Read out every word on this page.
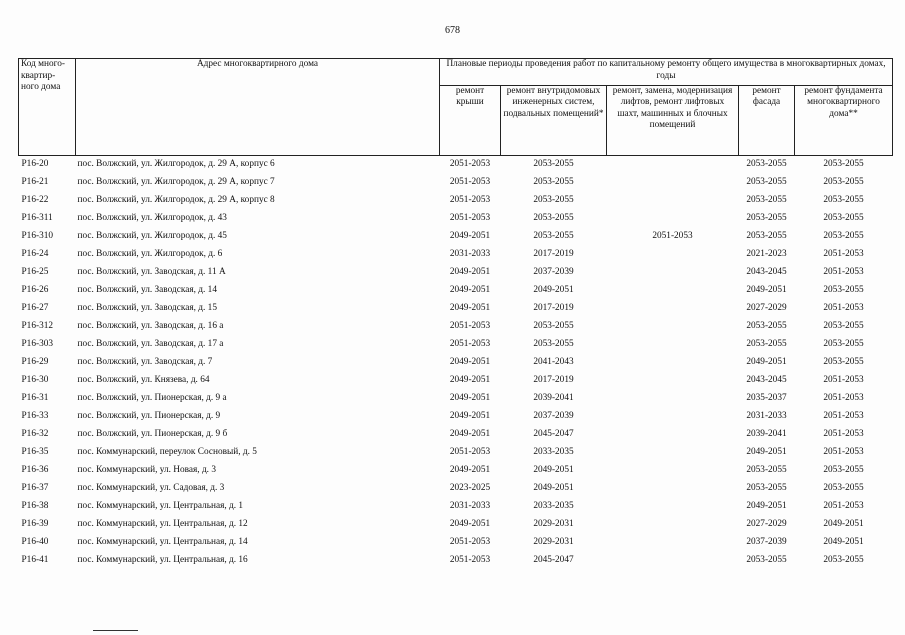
678
Код много-квартир-ного дома	Адрес многоквартирного дома	Плановые периоды проведения работ по капитальному ремонту общего имущества в многоквартирных домах, годы				
		ремонт крыши	ремонт внутридомовых инженерных систем, подвальных помещений*	ремонт, замена, модернизация лифтов, ремонт лифтовых шахт, машинных и блочных помещений	ремонт фасада	ремонт фундамента многоквартирного дома**
P16-20	пос. Волжский, ул. Жилгородок, д. 29 А, корпус 6	2051-2053	2053-2055		2053-2055	2053-2055
P16-21	пос. Волжский, ул. Жилгородок, д. 29 А, корпус 7	2051-2053	2053-2055		2053-2055	2053-2055
P16-22	пос. Волжский, ул. Жилгородок, д. 29 А, корпус 8	2051-2053	2053-2055		2053-2055	2053-2055
P16-311	пос. Волжский, ул. Жилгородок, д. 43	2051-2053	2053-2055		2053-2055	2053-2055
P16-310	пос. Волжский, ул. Жилгородок, д. 45	2049-2051	2053-2055	2051-2053	2053-2055	2053-2055
P16-24	пос. Волжский, ул. Жилгородок, д. 6	2031-2033	2017-2019		2021-2023	2051-2053
P16-25	пос. Волжский, ул. Заводская, д. 11 А	2049-2051	2037-2039		2043-2045	2051-2053
P16-26	пос. Волжский, ул. Заводская, д. 14	2049-2051	2049-2051		2049-2051	2053-2055
P16-27	пос. Волжский, ул. Заводская, д. 15	2049-2051	2017-2019		2027-2029	2051-2053
P16-312	пос. Волжский, ул. Заводская, д. 16 а	2051-2053	2053-2055		2053-2055	2053-2055
P16-303	пос. Волжский, ул. Заводская, д. 17 а	2051-2053	2053-2055		2053-2055	2053-2055
P16-29	пос. Волжский, ул. Заводская, д. 7	2049-2051	2041-2043		2049-2051	2053-2055
P16-30	пос. Волжский, ул. Князева, д. 64	2049-2051	2017-2019		2043-2045	2051-2053
P16-31	пос. Волжский, ул. Пионерская, д. 9 а	2049-2051	2039-2041		2035-2037	2051-2053
P16-33	пос. Волжский, ул. Пионерская, д. 9	2049-2051	2037-2039		2031-2033	2051-2053
P16-32	пос. Волжский, ул. Пионерская, д. 9 б	2049-2051	2045-2047		2039-2041	2051-2053
P16-35	пос. Коммунарский, переулок Сосновый, д. 5	2051-2053	2033-2035		2049-2051	2051-2053
P16-36	пос. Коммунарский, ул. Новая, д. 3	2049-2051	2049-2051		2053-2055	2053-2055
P16-37	пос. Коммунарский, ул. Садовая, д. 3	2023-2025	2049-2051		2053-2055	2053-2055
P16-38	пос. Коммунарский, ул. Центральная, д. 1	2031-2033	2033-2035		2049-2051	2051-2053
P16-39	пос. Коммунарский, ул. Центральная, д. 12	2049-2051	2029-2031		2027-2029	2049-2051
P16-40	пос. Коммунарский, ул. Центральная, д. 14	2051-2053	2029-2031		2037-2039	2049-2051
P16-41	пос. Коммунарский, ул. Центральная, д. 16	2051-2053	2045-2047		2053-2055	2053-2055
